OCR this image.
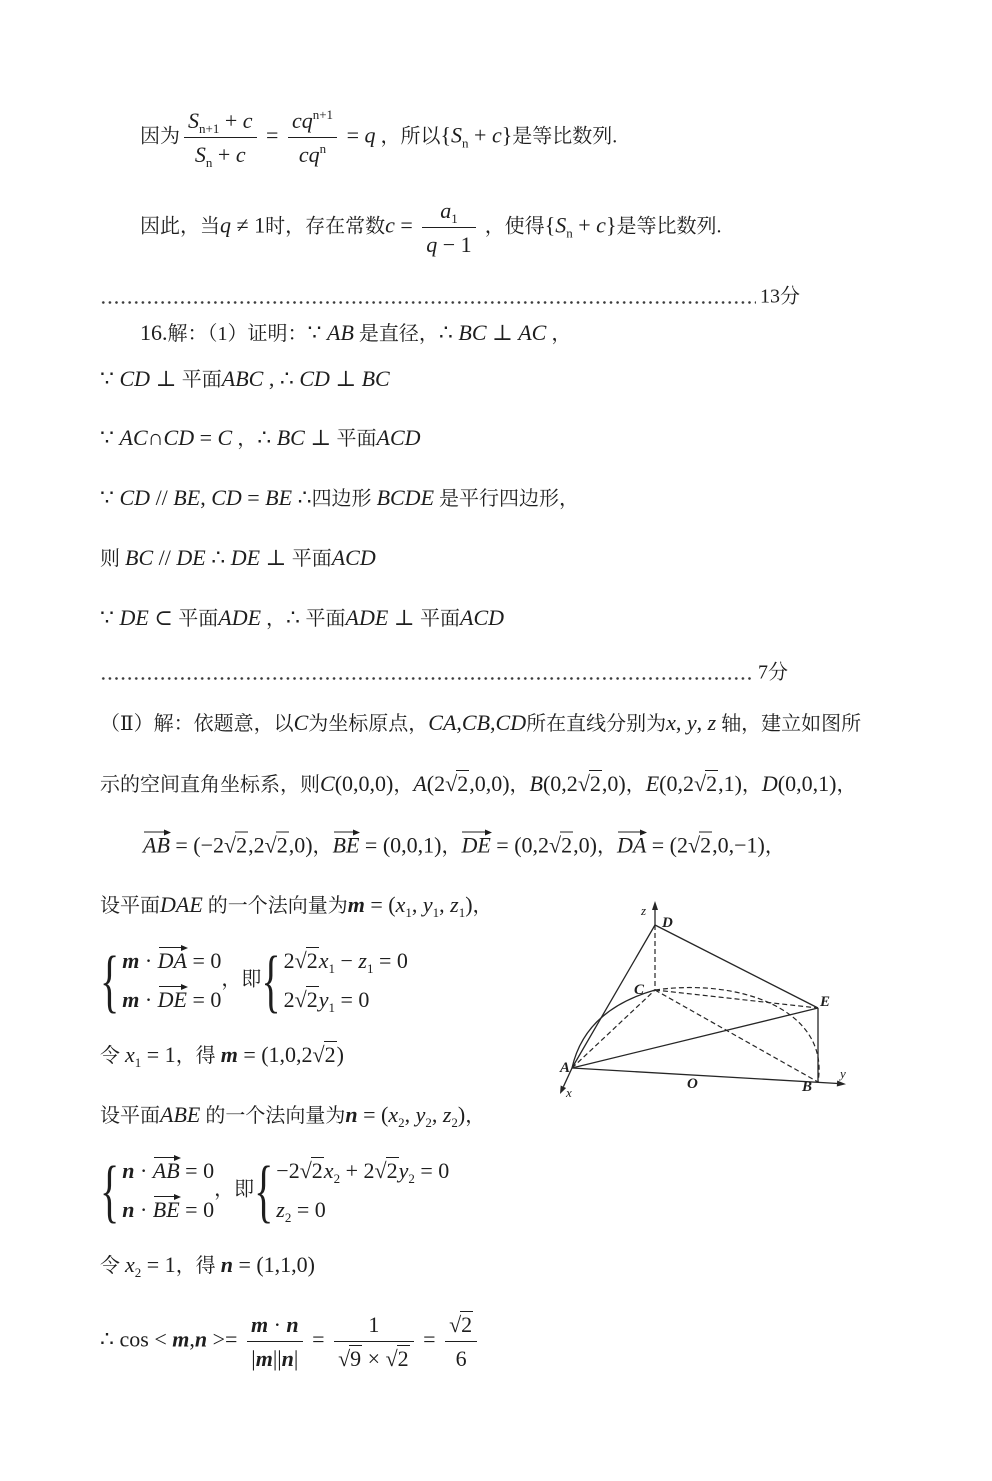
因为 $\frac{S_{n+1} + c}{S_n + c} = \frac{cq^{n+1}}{cq^n} = q$ ，所以$\{S_n + c\}$是等比数列.
因此，当q ≠ 1时，存在常数$c = \frac{a_1}{q - 1}$ ，使得$\{S_n + c\}$是等比数列.
13分
16.解：（1）证明：∵ AB 是直径，∴ BC ⊥ AC ，
∵ CD ⊥ 平面ABC , ∴ CD ⊥ BC
∵ AC∩CD = C ，∴ BC ⊥ 平面ACD
∵ CD // BE, CD = BE ∴四边形 BCDE 是平行四边形，
则 BC // DE ∴ DE ⊥ 平面ACD
∵ DE ⊂ 平面ADE ，∴ 平面ADE ⊥ 平面ACD
7分
（Ⅱ）解：依题意，以C为坐标原点，CA,CB,CD所在直线分别为x, y, z 轴，建立如图所
示的空间直角坐标系，则C(0,0,0)，A(2√2,0,0)，B(0,2√2,0)，E(0,2√2,1)，D(0,0,1)，
AB = (−2√2,2√2,0)，BE = (0,0,1)，DE = (0,2√2,0)，DA = (2√2,0,−1)，
设平面DAE 的一个法向量为$m = (x_1$, $y_1$, $z_1$)，
{ m · DA = 0
m · DE = 0
，即
{ $2√2x_1 - z_1 = 0$
$2√2y_1 = 0$
令 $x_1 = 1$，得 m = (1,0,2√2)
设平面ABE 的一个法向量为$n = (x_2$, $y_2$, $z_2$)，
{ n · AB = 0
n · BE = 0
，即
{ $-2√2x_2 + 2√2y_2 = 0$
$z_2 = 0$
令 $x_2 = 1$，得 n = (1,1,0)
∴ $\cos < m,n >= \frac{m \cdot n}{|m||n|} = \frac{1}{√9 \times √2} = \frac{√2}{6}$
z
D
C
E
A
O	B
x
y
